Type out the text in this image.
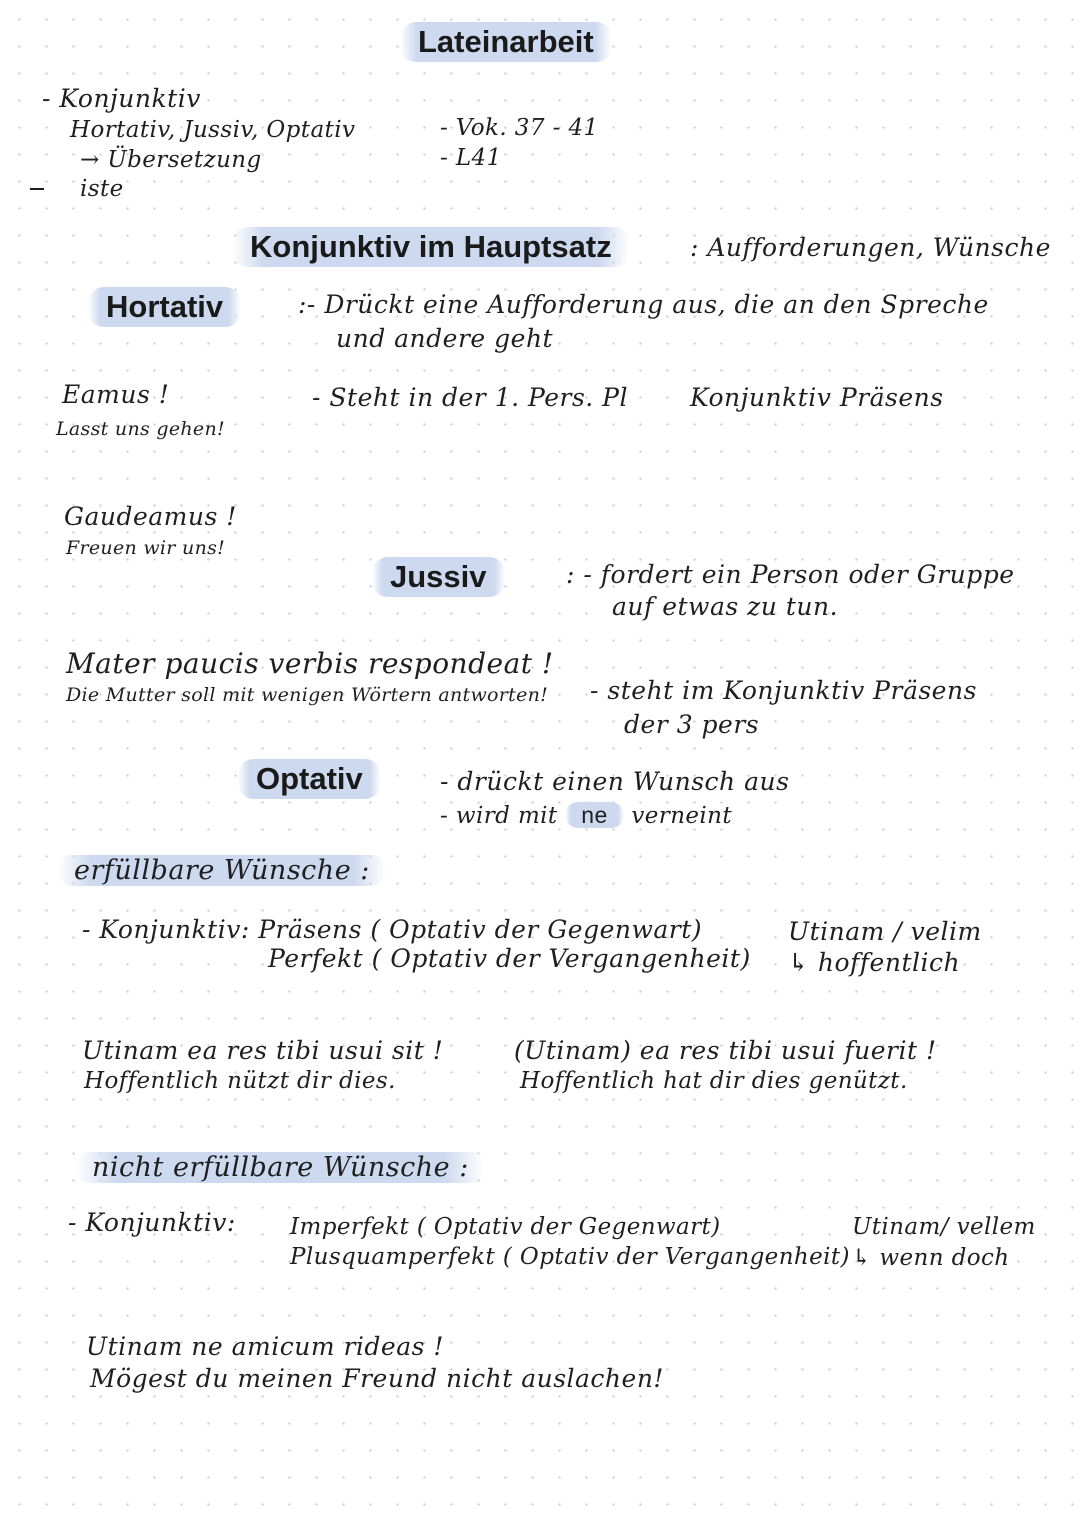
Lateinarbeit
- Konjunktiv
Hortativ, Jussiv, Optativ
→ Übersetzung
iste
- Vok. 37 - 41
- L41
Konjunktiv im Hauptsatz	: Aufforderungen, Wünsche
Hortativ	:- Drückt eine Aufforderung aus, die an den Spreche
und andere geht
- Steht in der 1. Pers. Pl Konjunktiv Präsens
Eamus !
Lasst uns gehen!
Gaudeamus !
Freuen wir uns!
Jussiv	: - fordert ein Person oder Gruppe
auf etwas zu tun.
Mater paucis verbis respondeat !
Die Mutter soll mit wenigen Wörtern antworten! - steht im Konjunktiv Präsens
der 3 pers
Optativ	- drückt einen Wunsch aus
- wird mit ne verneint
erfüllbare Wünsche :
- Konjunktiv: Präsens ( Optativ der Gegenwart)
Perfekt ( Optativ der Vergangenheit)
Utinam / velim
↳ hoffentlich
Utinam ea res tibi usui sit !
Hoffentlich nützt dir dies.
(Utinam) ea res tibi usui fuerit !
Hoffentlich hat dir dies genützt.
nicht erfüllbare Wünsche :
- Konjunktiv: Imperfekt ( Optativ der Gegenwart)
Plusquamperfekt ( Optativ der Vergangenheit)
Utinam/ vellem
↳ wenn doch
Utinam ne amicum rideas !
Mögest du meinen Freund nicht auslachen!
